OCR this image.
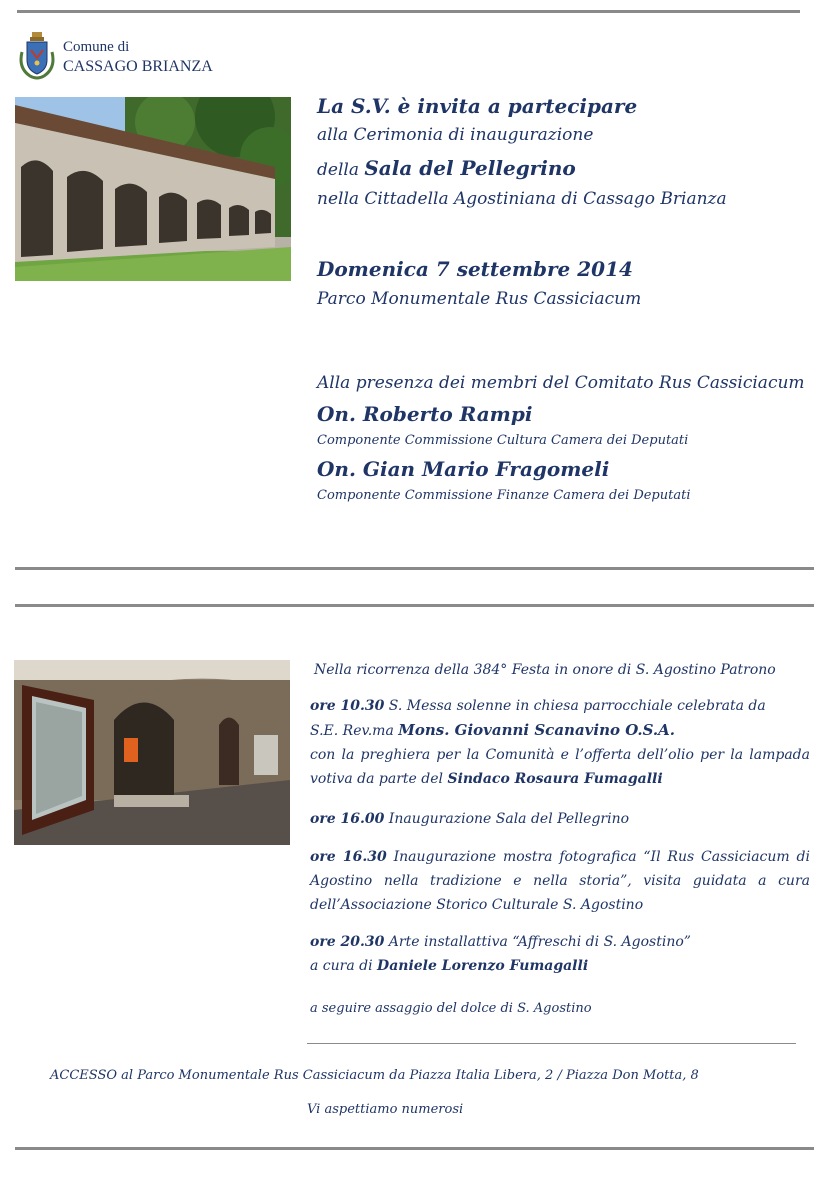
Comune di
CASSAGO BRIANZA
La S.V. è invita a partecipare
alla Cerimonia di inaugurazione
della Sala del Pellegrino
nella Cittadella Agostiniana di Cassago Brianza
Domenica 7 settembre 2014
Parco Monumentale Rus Cassiciacum
Alla presenza dei membri del Comitato Rus Cassiciacum
On. Roberto Rampi
Componente Commissione Cultura Camera dei Deputati
On. Gian Mario Fragomeli
Componente Commissione Finanze Camera dei Deputati
Nella ricorrenza della 384° Festa in onore di S. Agostino Patrono
ore 10.30 S. Messa solenne in chiesa parrocchiale celebrata da
S.E. Rev.ma Mons. Giovanni Scanavino O.S.A.
con la preghiera per la Comunità e l’offerta dell’olio per la lampada votiva da parte del Sindaco Rosaura Fumagalli
ore 16.00 Inaugurazione Sala del Pellegrino
ore 16.30 Inaugurazione mostra fotografica “Il Rus Cassiciacum di Agostino nella tradizione e nella storia”, visita guidata a cura dell’Associazione Storico Culturale S. Agostino
ore 20.30 Arte installattiva “Affreschi di S. Agostino”
a cura di Daniele Lorenzo Fumagalli
a seguire assaggio del dolce di S. Agostino
ACCESSO al Parco Monumentale Rus Cassiciacum da Piazza Italia Libera, 2 / Piazza Don Motta, 8
Vi aspettiamo numerosi
